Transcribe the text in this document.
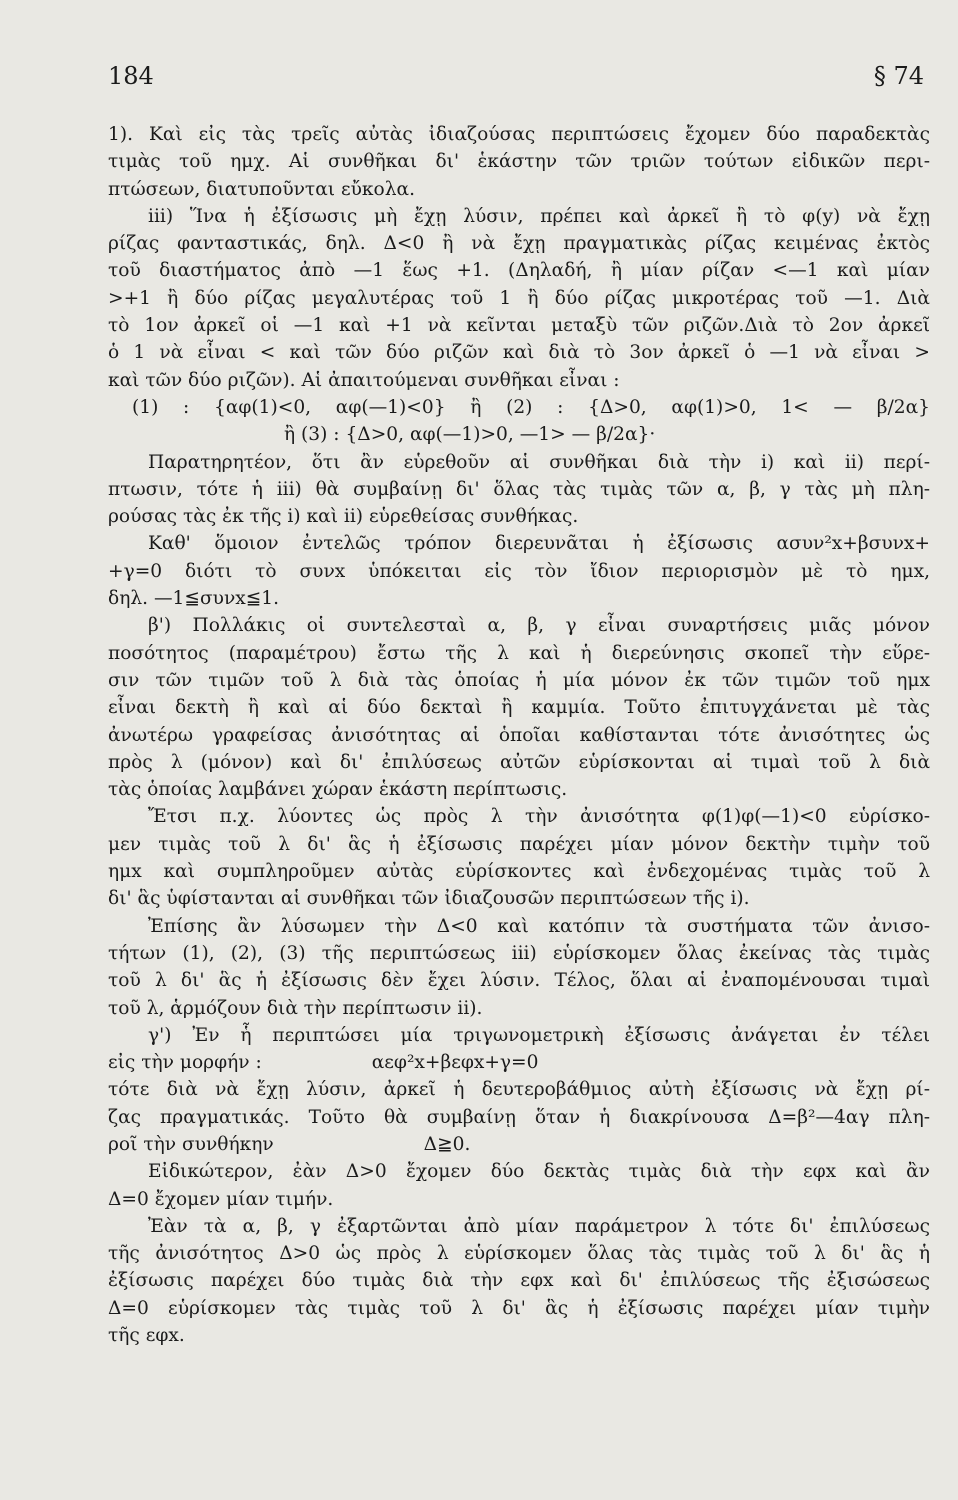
184	§ 74
1). Καὶ εἰς τὰς τρεῖς αὐτὰς ἰδιαζούσας περιπτώσεις ἔχομεν δύο παραδεκτὰς
τιμὰς τοῦ ημχ. Αἱ συνθῆκαι δι' ἑκάστην τῶν τριῶν τούτων εἰδικῶν περι-
πτώσεων, διατυποῦνται εὔκολα.
iii) Ἵνα ἡ ἐξίσωσις μὴ ἔχῃ λύσιν, πρέπει καὶ ἀρκεῖ ἢ τὸ φ(y) νὰ ἔχῃ
ρίζας φανταστικάς, δηλ. Δ<0 ἢ νὰ ἔχῃ πραγματικὰς ρίζας κειμένας ἐκτὸς
τοῦ διαστήματος ἀπὸ —1 ἕως +1. (Δηλαδή, ἢ μίαν ρίζαν <—1 καὶ μίαν
>+1 ἢ δύο ρίζας μεγαλυτέρας τοῦ 1 ἢ δύο ρίζας μικροτέρας τοῦ —1. Διὰ
τὸ 1ον ἀρκεῖ οἱ —1 καὶ +1 νὰ κεῖνται μεταξὺ τῶν ριζῶν.Διὰ τὸ 2ον ἀρκεῖ
ὁ 1 νὰ εἶναι < καὶ τῶν δύο ριζῶν καὶ διὰ τὸ 3ον ἀρκεῖ ὁ —1 νὰ εἶναι >
καὶ τῶν δύο ριζῶν). Αἱ ἀπαιτούμεναι συνθῆκαι εἶναι :
(1) : {αφ(1)<0, αφ(—1)<0} ἢ (2) : {Δ>0, αφ(1)>0, 1< — β/2α}
ἢ (3) : {Δ>0, αφ(—1)>0, —1> — β/2α}·
Παρατηρητέον, ὅτι ἂν εὑρεθοῦν αἱ συνθῆκαι διὰ τὴν i) καὶ ii) περί-
πτωσιν, τότε ἡ iii) θὰ συμβαίνῃ δι' ὅλας τὰς τιμὰς τῶν α, β, γ τὰς μὴ πλη-
ρούσας τὰς ἐκ τῆς i) καὶ ii) εὑρεθείσας συνθήκας.
Καθ' ὅμοιον ἐντελῶς τρόπον διερευνᾶται ἡ ἐξίσωσις ασυν²x+βσυνx+
+γ=0 διότι τὸ συνx ὑπόκειται εἰς τὸν ἴδιον περιορισμὸν μὲ τὸ ημx,
δηλ. —1≦συνx≦1.
β') Πολλάκις οἱ συντελεσταὶ α, β, γ εἶναι συναρτήσεις μιᾶς μόνον
ποσότητος (παραμέτρου) ἔστω τῆς λ καὶ ἡ διερεύνησις σκοπεῖ τὴν εὕρε-
σιν τῶν τιμῶν τοῦ λ διὰ τὰς ὁποίας ἡ μία μόνον ἐκ τῶν τιμῶν τοῦ ημx
εἶναι δεκτὴ ἢ καὶ αἱ δύο δεκταὶ ἢ καμμία. Τοῦτο ἐπιτυγχάνεται μὲ τὰς
ἀνωτέρω γραφείσας ἀνισότητας αἱ ὁποῖαι καθίστανται τότε ἀνισότητες ὡς
πρὸς λ (μόνον) καὶ δι' ἐπιλύσεως αὐτῶν εὑρίσκονται αἱ τιμαὶ τοῦ λ διὰ
τὰς ὁποίας λαμβάνει χώραν ἑκάστη περίπτωσις.
Ἔτσι π.χ. λύοντες ὡς πρὸς λ τὴν ἀνισότητα φ(1)φ(—1)<0 εὑρίσκο-
μεν τιμὰς τοῦ λ δι' ἃς ἡ ἐξίσωσις παρέχει μίαν μόνον δεκτὴν τιμὴν τοῦ
ημx καὶ συμπληροῦμεν αὐτὰς εὑρίσκοντες καὶ ἐνδεχομένας τιμὰς τοῦ λ
δι' ἃς ὑφίστανται αἱ συνθῆκαι τῶν ἰδιαζουσῶν περιπτώσεων τῆς i).
Ἐπίσης ἂν λύσωμεν τὴν Δ<0 καὶ κατόπιν τὰ συστήματα τῶν ἀνισο-
τήτων (1), (2), (3) τῆς περιπτώσεως iii) εὑρίσκομεν ὅλας ἐκείνας τὰς τιμὰς
τοῦ λ δι' ἃς ἡ ἐξίσωσις δὲν ἔχει λύσιν. Τέλος, ὅλαι αἱ ἐναπομένουσαι τιμαὶ
τοῦ λ, ἁρμόζουν διὰ τὴν περίπτωσιν ii).
γ') Ἐν ἧ περιπτώσει μία τριγωνομετρικὴ ἐξίσωσις ἀνάγεται ἐν τέλει
εἰς τὴν μορφήν :	αεφ²x+βεφx+γ=0
τότε διὰ νὰ ἔχῃ λύσιν, ἀρκεῖ ἡ δευτεροβάθμιος αὐτὴ ἐξίσωσις νὰ ἔχῃ ρί-
ζας πραγματικάς. Τοῦτο θὰ συμβαίνῃ ὅταν ἡ διακρίνουσα Δ=β²—4αγ πλη-
ροῖ τὴν συνθήκην	Δ≧0.
Εἰδικώτερον, ἐὰν Δ>0 ἔχομεν δύο δεκτὰς τιμὰς διὰ τὴν εφx καὶ ἂν
Δ=0 ἔχομεν μίαν τιμήν.
Ἐὰν τὰ α, β, γ ἐξαρτῶνται ἀπὸ μίαν παράμετρον λ τότε δι' ἐπιλύσεως
τῆς ἀνισότητος Δ>0 ὡς πρὸς λ εὑρίσκομεν ὅλας τὰς τιμὰς τοῦ λ δι' ἃς ἡ
ἐξίσωσις παρέχει δύο τιμὰς διὰ τὴν εφx καὶ δι' ἐπιλύσεως τῆς ἐξισώσεως
Δ=0 εὑρίσκομεν τὰς τιμὰς τοῦ λ δι' ἃς ἡ ἐξίσωσις παρέχει μίαν τιμὴν
τῆς εφx.
